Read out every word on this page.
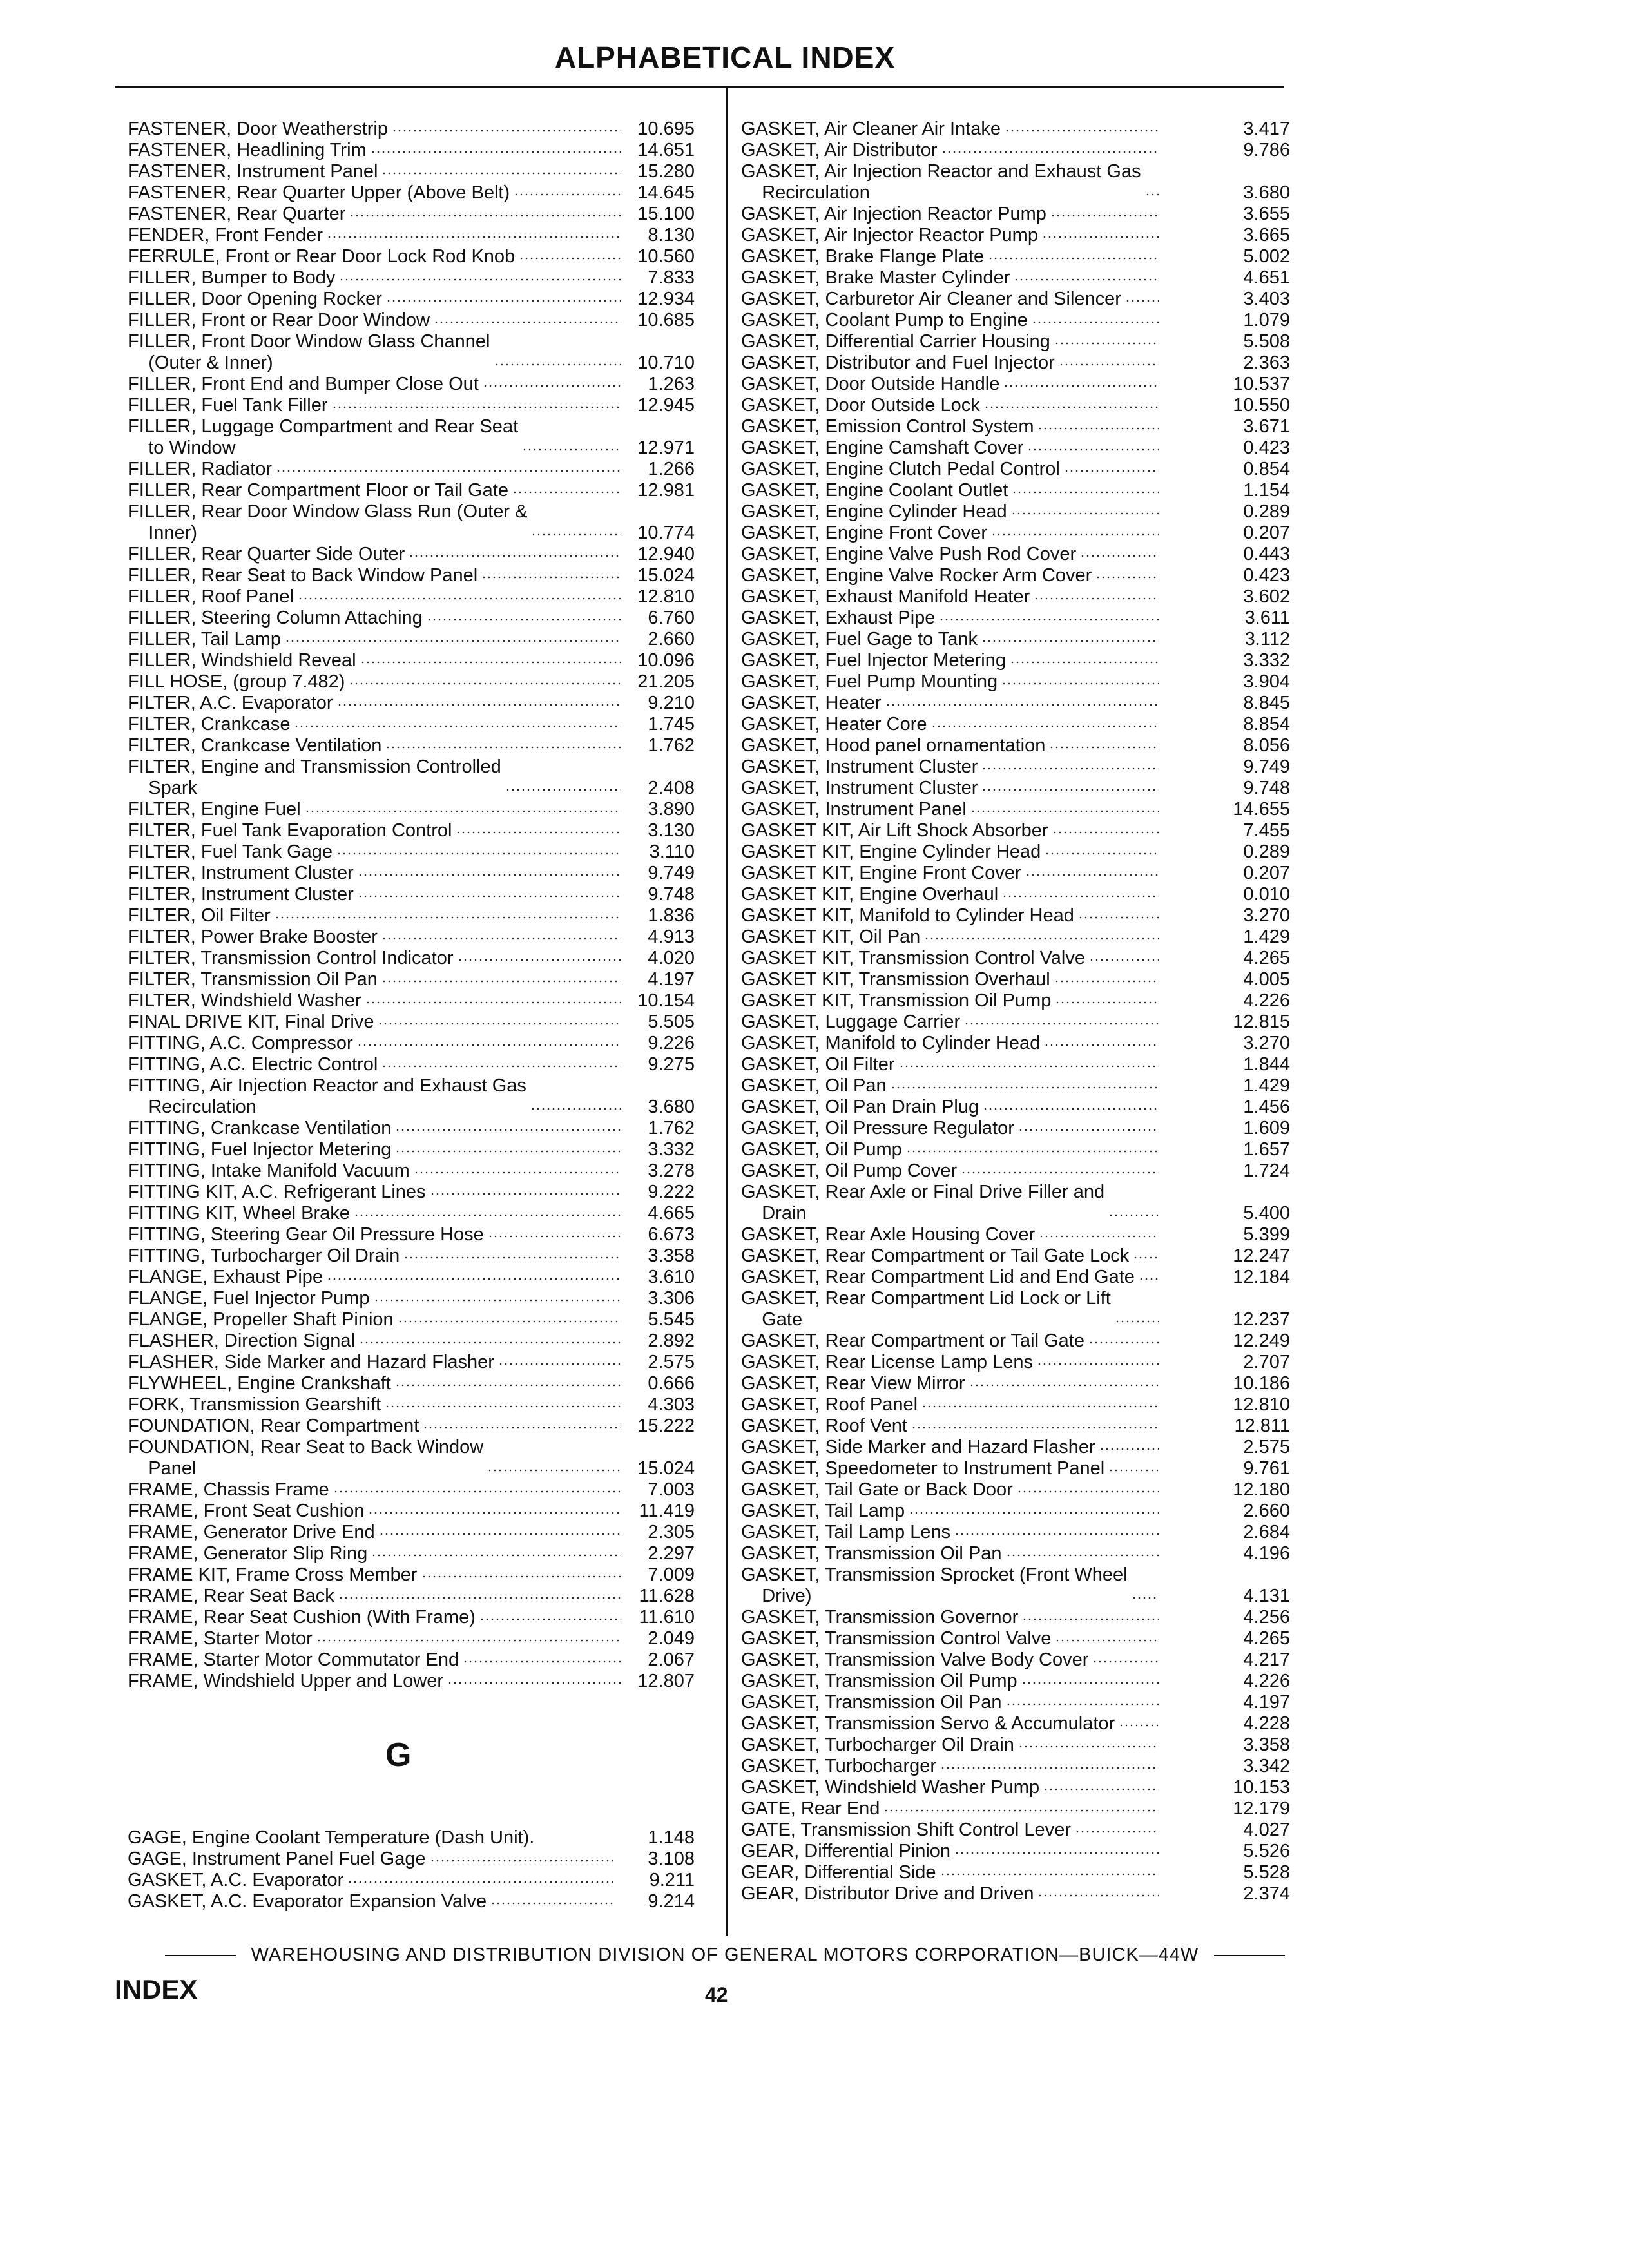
ALPHABETICAL INDEX
FASTENER, Door Weatherstrip	10.695
FASTENER, Headlining Trim	14.651
FASTENER, Instrument Panel	15.280
FASTENER, Rear Quarter Upper (Above Belt)	14.645
FASTENER, Rear Quarter	15.100
FENDER, Front Fender	8.130
FERRULE, Front or Rear Door Lock Rod Knob	10.560
FILLER, Bumper to Body	7.833
FILLER, Door Opening Rocker	12.934
FILLER, Front or Rear Door Window	10.685
FILLER, Front Door Window Glass Channel
(Outer & Inner)	10.710
FILLER, Front End and Bumper Close Out	1.263
FILLER, Fuel Tank Filler	12.945
FILLER, Luggage Compartment and Rear Seat
to Window	12.971
FILLER, Radiator	1.266
FILLER, Rear Compartment Floor or Tail Gate	12.981
FILLER, Rear Door Window Glass Run (Outer &
Inner)	10.774
FILLER, Rear Quarter Side Outer	12.940
FILLER, Rear Seat to Back Window Panel	15.024
FILLER, Roof Panel	12.810
FILLER, Steering Column Attaching	6.760
FILLER, Tail Lamp	2.660
FILLER, Windshield Reveal	10.096
FILL HOSE, (group 7.482)	21.205
FILTER, A.C. Evaporator	9.210
FILTER, Crankcase	1.745
FILTER, Crankcase Ventilation	1.762
FILTER, Engine and Transmission Controlled
Spark	2.408
FILTER, Engine Fuel	3.890
FILTER, Fuel Tank Evaporation Control	3.130
FILTER, Fuel Tank Gage	3.110
FILTER, Instrument Cluster	9.749
FILTER, Instrument Cluster	9.748
FILTER, Oil Filter	1.836
FILTER, Power Brake Booster	4.913
FILTER, Transmission Control Indicator	4.020
FILTER, Transmission Oil Pan	4.197
FILTER, Windshield Washer	10.154
FINAL DRIVE KIT, Final Drive	5.505
FITTING, A.C. Compressor	9.226
FITTING, A.C. Electric Control	9.275
FITTING, Air Injection Reactor and Exhaust Gas
Recirculation	3.680
FITTING, Crankcase Ventilation	1.762
FITTING, Fuel Injector Metering	3.332
FITTING, Intake Manifold Vacuum	3.278
FITTING KIT, A.C. Refrigerant Lines	9.222
FITTING KIT, Wheel Brake	4.665
FITTING, Steering Gear Oil Pressure Hose	6.673
FITTING, Turbocharger Oil Drain	3.358
FLANGE, Exhaust Pipe	3.610
FLANGE, Fuel Injector Pump	3.306
FLANGE, Propeller Shaft Pinion	5.545
FLASHER, Direction Signal	2.892
FLASHER, Side Marker and Hazard Flasher	2.575
FLYWHEEL, Engine Crankshaft	0.666
FORK, Transmission Gearshift	4.303
FOUNDATION, Rear Compartment	15.222
FOUNDATION, Rear Seat to Back Window
Panel	15.024
FRAME, Chassis Frame	7.003
FRAME, Front Seat Cushion	11.419
FRAME, Generator Drive End	2.305
FRAME, Generator Slip Ring	2.297
FRAME KIT, Frame Cross Member	7.009
FRAME, Rear Seat Back	11.628
FRAME, Rear Seat Cushion (With Frame)	11.610
FRAME, Starter Motor	2.049
FRAME, Starter Motor Commutator End	2.067
FRAME, Windshield Upper and Lower	12.807
G
GAGE, Engine Coolant Temperature (Dash Unit).	1.148
GAGE, Instrument Panel Fuel Gage	3.108
GASKET, A.C. Evaporator	9.211
GASKET, A.C. Evaporator Expansion Valve	9.214
GASKET, Air Cleaner Air Intake	3.417
GASKET, Air Distributor	9.786
GASKET, Air Injection Reactor and Exhaust Gas
Recirculation	3.680
GASKET, Air Injection Reactor Pump	3.655
GASKET, Air Injector Reactor Pump	3.665
GASKET, Brake Flange Plate	5.002
GASKET, Brake Master Cylinder	4.651
GASKET, Carburetor Air Cleaner and Silencer	3.403
GASKET, Coolant Pump to Engine	1.079
GASKET, Differential Carrier Housing	5.508
GASKET, Distributor and Fuel Injector	2.363
GASKET, Door Outside Handle	10.537
GASKET, Door Outside Lock	10.550
GASKET, Emission Control System	3.671
GASKET, Engine Camshaft Cover	0.423
GASKET, Engine Clutch Pedal Control	0.854
GASKET, Engine Coolant Outlet	1.154
GASKET, Engine Cylinder Head	0.289
GASKET, Engine Front Cover	0.207
GASKET, Engine Valve Push Rod Cover	0.443
GASKET, Engine Valve Rocker Arm Cover	0.423
GASKET, Exhaust Manifold Heater	3.602
GASKET, Exhaust Pipe	3.611
GASKET, Fuel Gage to Tank	3.112
GASKET, Fuel Injector Metering	3.332
GASKET, Fuel Pump Mounting	3.904
GASKET, Heater	8.845
GASKET, Heater Core	8.854
GASKET, Hood panel ornamentation	8.056
GASKET, Instrument Cluster	9.749
GASKET, Instrument Cluster	9.748
GASKET, Instrument Panel	14.655
GASKET KIT, Air Lift Shock Absorber	7.455
GASKET KIT, Engine Cylinder Head	0.289
GASKET KIT, Engine Front Cover	0.207
GASKET KIT, Engine Overhaul	0.010
GASKET KIT, Manifold to Cylinder Head	3.270
GASKET KIT, Oil Pan	1.429
GASKET KIT, Transmission Control Valve	4.265
GASKET KIT, Transmission Overhaul	4.005
GASKET KIT, Transmission Oil Pump	4.226
GASKET, Luggage Carrier	12.815
GASKET, Manifold to Cylinder Head	3.270
GASKET, Oil Filter	1.844
GASKET, Oil Pan	1.429
GASKET, Oil Pan Drain Plug	1.456
GASKET, Oil Pressure Regulator	1.609
GASKET, Oil Pump	1.657
GASKET, Oil Pump Cover	1.724
GASKET, Rear Axle or Final Drive Filler and
Drain	5.400
GASKET, Rear Axle Housing Cover	5.399
GASKET, Rear Compartment or Tail Gate Lock	12.247
GASKET, Rear Compartment Lid and End Gate	12.184
GASKET, Rear Compartment Lid Lock or Lift
Gate	12.237
GASKET, Rear Compartment or Tail Gate	12.249
GASKET, Rear License Lamp Lens	2.707
GASKET, Rear View Mirror	10.186
GASKET, Roof Panel	12.810
GASKET, Roof Vent	12.811
GASKET, Side Marker and Hazard Flasher	2.575
GASKET, Speedometer to Instrument Panel	9.761
GASKET, Tail Gate or Back Door	12.180
GASKET, Tail Lamp	2.660
GASKET, Tail Lamp Lens	2.684
GASKET, Transmission Oil Pan	4.196
GASKET, Transmission Sprocket (Front Wheel
Drive)	4.131
GASKET, Transmission Governor	4.256
GASKET, Transmission Control Valve	4.265
GASKET, Transmission Valve Body Cover	4.217
GASKET, Transmission Oil Pump	4.226
GASKET, Transmission Oil Pan	4.197
GASKET, Transmission Servo & Accumulator	4.228
GASKET, Turbocharger Oil Drain	3.358
GASKET, Turbocharger	3.342
GASKET, Windshield Washer Pump	10.153
GATE, Rear End	12.179
GATE, Transmission Shift Control Lever	4.027
GEAR, Differential Pinion	5.526
GEAR, Differential Side	5.528
GEAR, Distributor Drive and Driven	2.374
WAREHOUSING AND DISTRIBUTION DIVISION OF GENERAL MOTORS CORPORATION—BUICK—44W
INDEX	42
